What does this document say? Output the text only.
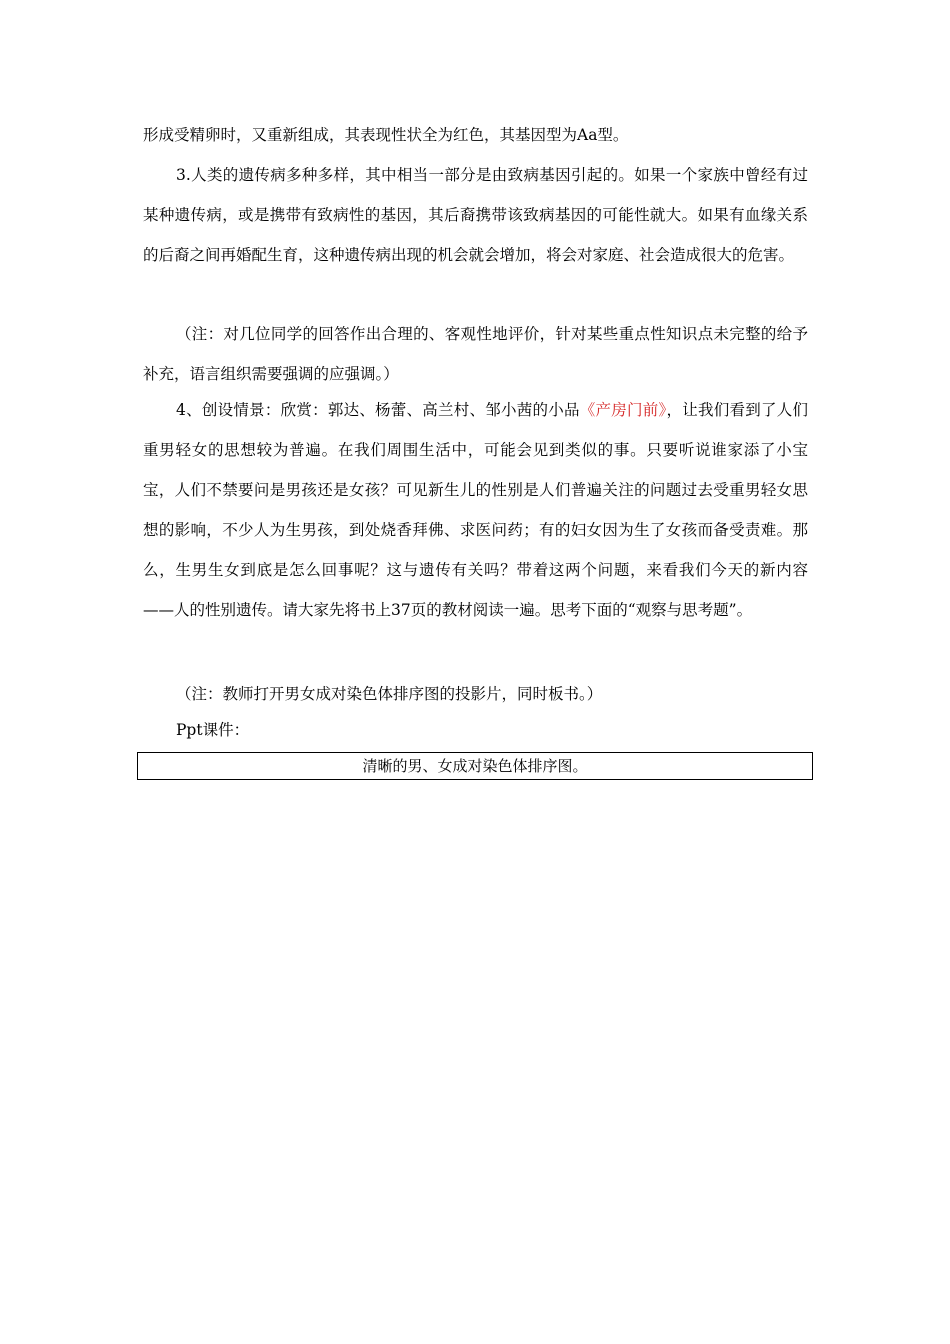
形成受精卵时，又重新组成，其表现性状全为红色，其基因型为Aa型。

3.人类的遗传病多种多样，其中相当一部分是由致病基因引起的。如果一个家族中曾经有过某种遗传病，或是携带有致病性的基因，其后裔携带该致病基因的可能性就大。如果有血缘关系的后裔之间再婚配生育，这种遗传病出现的机会就会增加，将会对家庭、社会造成很大的危害。

（注：对几位同学的回答作出合理的、客观性地评价，针对某些重点性知识点未完整的给予补充，语言组织需要强调的应强调。）

4、创设情景：欣赏：郭达、杨蕾、高兰村、邹小茜的小品《产房门前》，让我们看到了人们重男轻女的思想较为普遍。在我们周围生活中，可能会见到类似的事。只要听说谁家添了小宝宝，人们不禁要问是男孩还是女孩？可见新生儿的性别是人们普遍关注的问题过去受重男轻女思想的影响，不少人为生男孩，到处烧香拜佛、求医问药；有的妇女因为生了女孩而备受责难。那么，生男生女到底是怎么回事呢？这与遗传有关吗？带着这两个问题，来看我们今天的新内容——人的性别遗传。请大家先将书上37页的教材阅读一遍。思考下面的“观察与思考题”。

（注：教师打开男女成对染色体排序图的投影片，同时板书。）

Ppt课件：
清晰的男、女成对染色体排序图。
